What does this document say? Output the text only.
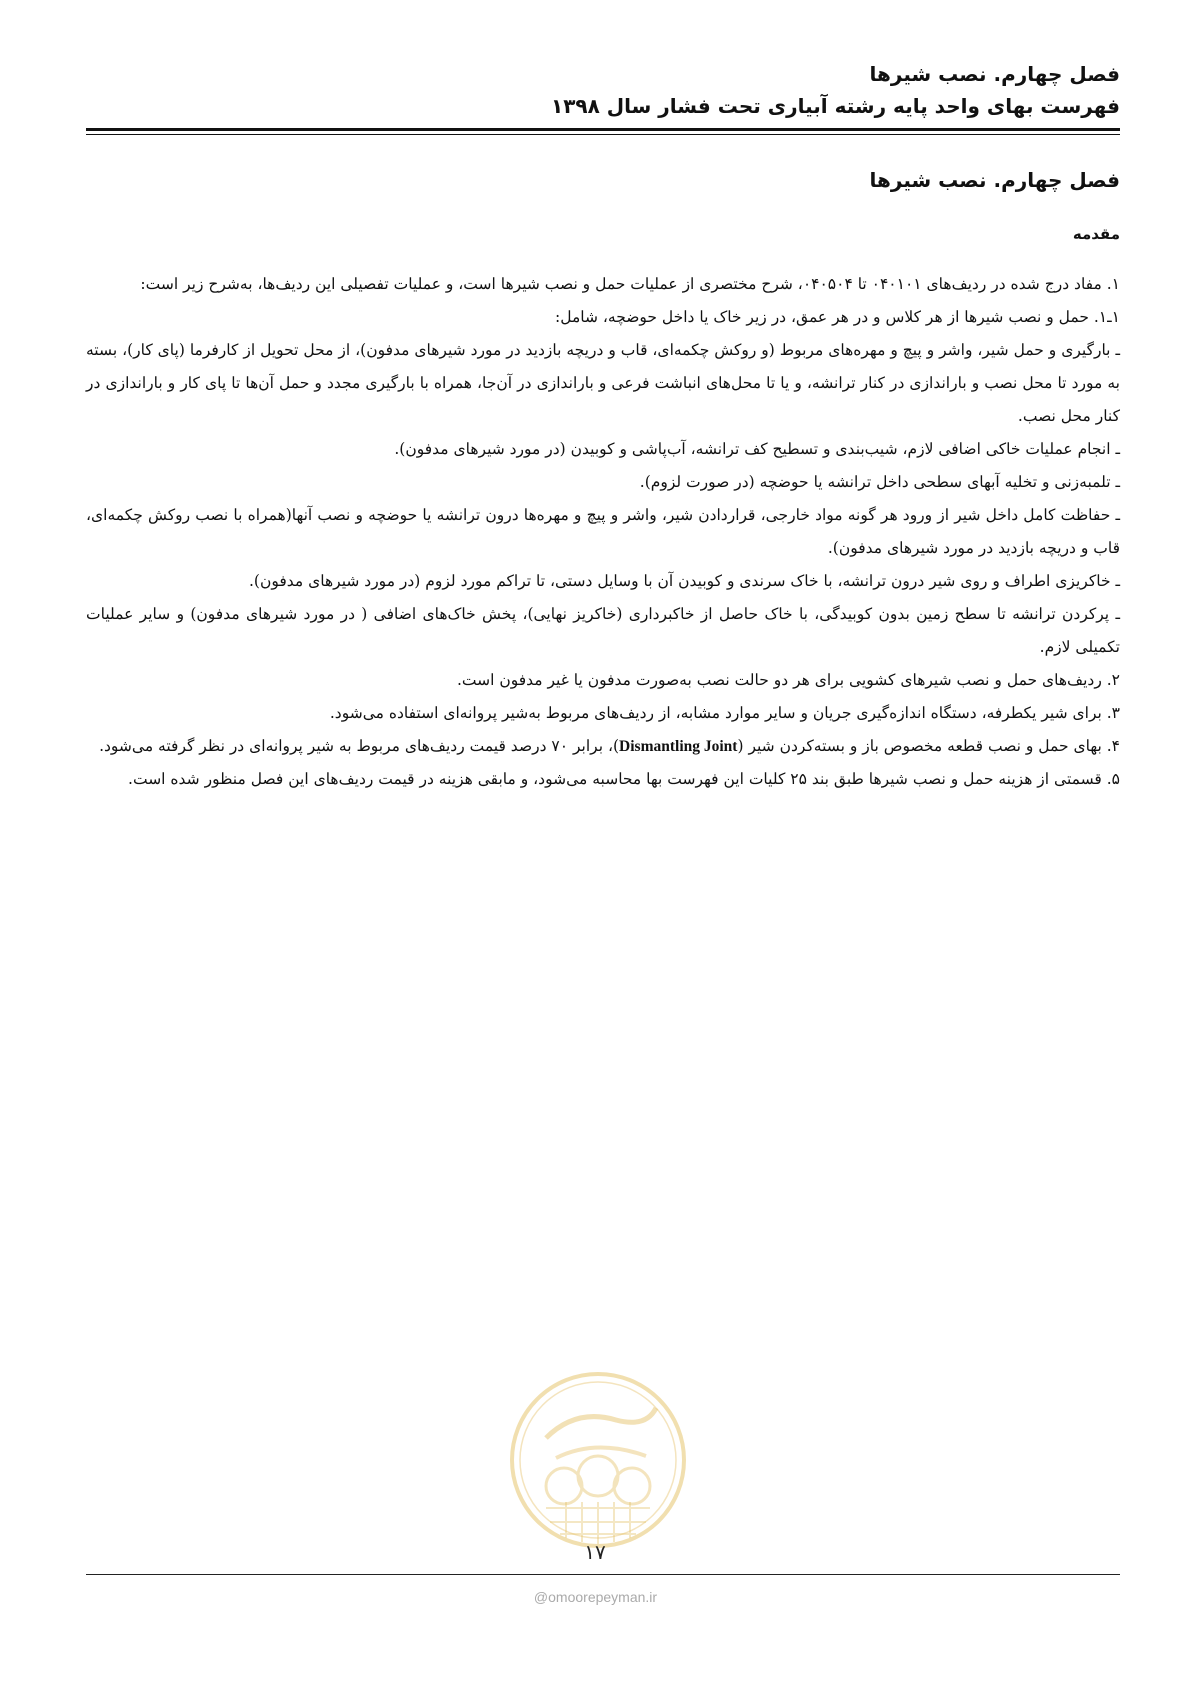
فصل چهارم. نصب شیرها
فهرست بهای واحد پایه رشته آبیاری تحت فشار سال ۱۳۹۸
فصل چهارم. نصب شیرها
مقدمه

۱. مفاد درج شده در ردیف‌های ۰۴۰۱۰۱ تا ۰۴۰۵۰۴، شرح مختصری از عملیات حمل و نصب شیرها است، و عملیات تفصیلی این ردیف‌ها، به‌شرح زیر است:

۱ـ۱. حمل و نصب شیرها از هر کلاس و در هر عمق، در زیر خاک یا داخل حوضچه، شامل:

ـ بارگیری و حمل شیر، واشر و پیچ و مهره‌های مربوط (و روکش چکمه‌ای، قاب و دریچه بازدید در مورد شیرهای مدفون)، از محل تحویل از کارفرما (پای کار)، بسته به مورد تا محل نصب و باراندازی در کنار ترانشه، و یا تا محل‌های انباشت فرعی و باراندازی در آن‌جا، همراه با بارگیری مجدد و حمل آن‌ها تا پای کار و باراندازی در کنار محل نصب.

ـ انجام عملیات خاکی اضافی لازم، شیب‌بندی و تسطیح کف ترانشه، آب‌پاشی و کوبیدن (در مورد شیرهای مدفون).

ـ تلمبه‌زنی و تخلیه آبهای سطحی داخل ترانشه یا حوضچه (در صورت لزوم).

ـ حفاظت کامل داخل شیر از ورود هر گونه مواد خارجی، قراردادن شیر، واشر و پیچ و مهره‌ها درون ترانشه یا حوضچه و نصب آنها(همراه با نصب روکش چکمه‌ای، قاب و دریچه بازدید در مورد شیرهای مدفون).

ـ خاکریزی اطراف و روی شیر درون ترانشه، با خاک سرندی و کوبیدن آن با وسایل دستی، تا تراکم مورد لزوم (در مورد شیرهای مدفون).

ـ پرکردن ترانشه تا سطح زمین بدون کوبیدگی، با خاک حاصل از خاکبرداری (خاکریز نهایی)، پخش خاک‌های اضافی ( در مورد شیرهای مدفون) و سایر عملیات تکمیلی لازم.

۲. ردیف‌های حمل و نصب شیرهای کشویی برای هر دو حالت نصب به‌صورت مدفون یا غیر مدفون است.

۳. برای شیر یکطرفه، دستگاه اندازه‌گیری جریان و سایر موارد مشابه، از ردیف‌های مربوط به‌شیر پروانه‌ای استفاده می‌شود.

۴. بهای حمل و نصب قطعه مخصوص باز و بسته‌کردن شیر (Dismantling Joint)، برابر ۷۰ درصد قیمت ردیف‌های مربوط به شیر پروانه‌ای در نظر گرفته می‌شود.

۵. قسمتی از هزینه حمل و نصب شیرها طبق بند ۲۵ کلیات این فهرست بها محاسبه می‌شود، و مابقی هزینه در قیمت ردیف‌های این فصل منظور شده است.

۱۷
@omoorepeyman.ir
